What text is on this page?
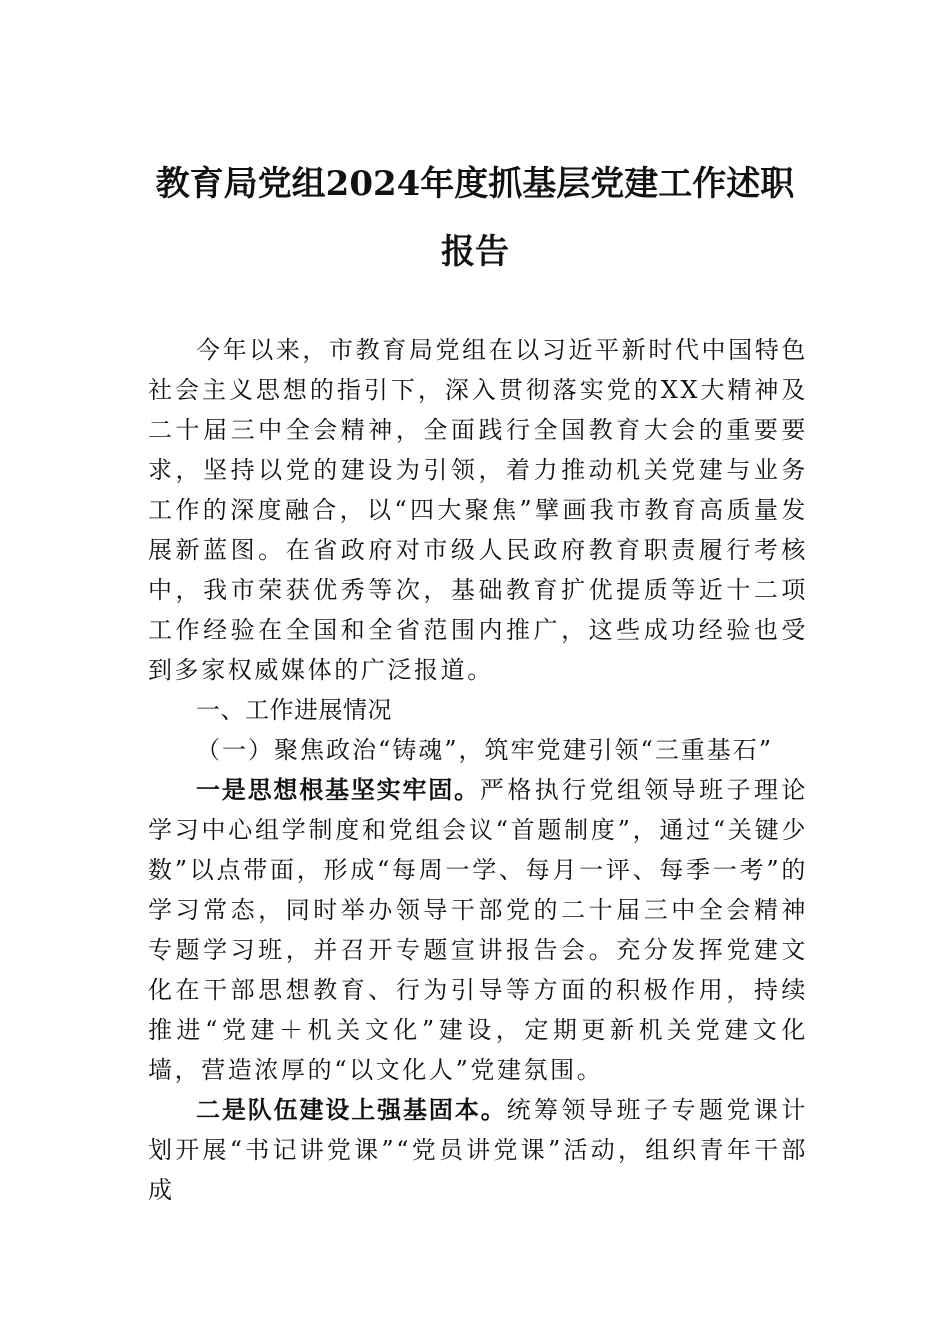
教育局党组2024年度抓基层党建工作述职
报告

今年以来，市教育局党组在以习近平新时代中国特色社会主义思想的指引下，深入贯彻落实党的XX大精神及二十届三中全会精神，全面践行全国教育大会的重要要求，坚持以党的建设为引领，着力推动机关党建与业务工作的深度融合，以“四大聚焦”擘画我市教育高质量发展新蓝图。在省政府对市级人民政府教育职责履行考核中，我市荣获优秀等次，基础教育扩优提质等近十二项工作经验在全国和全省范围内推广，这些成功经验也受到多家权威媒体的广泛报道。

一、工作进展情况

（一）聚焦政治“铸魂”，筑牢党建引领“三重基石”

一是思想根基坚实牢固。严格执行党组领导班子理论学习中心组学制度和党组会议“首题制度”，通过“关键少数”以点带面，形成“每周一学、每月一评、每季一考”的学习常态，同时举办领导干部党的二十届三中全会精神专题学习班，并召开专题宣讲报告会。充分发挥党建文化在干部思想教育、行为引导等方面的积极作用，持续推进“党建＋机关文化”建设，定期更新机关党建文化墙，营造浓厚的“以文化人”党建氛围。

二是队伍建设上强基固本。统筹领导班子专题党课计划开展“书记讲党课”“党员讲党课”活动，组织青年干部成
